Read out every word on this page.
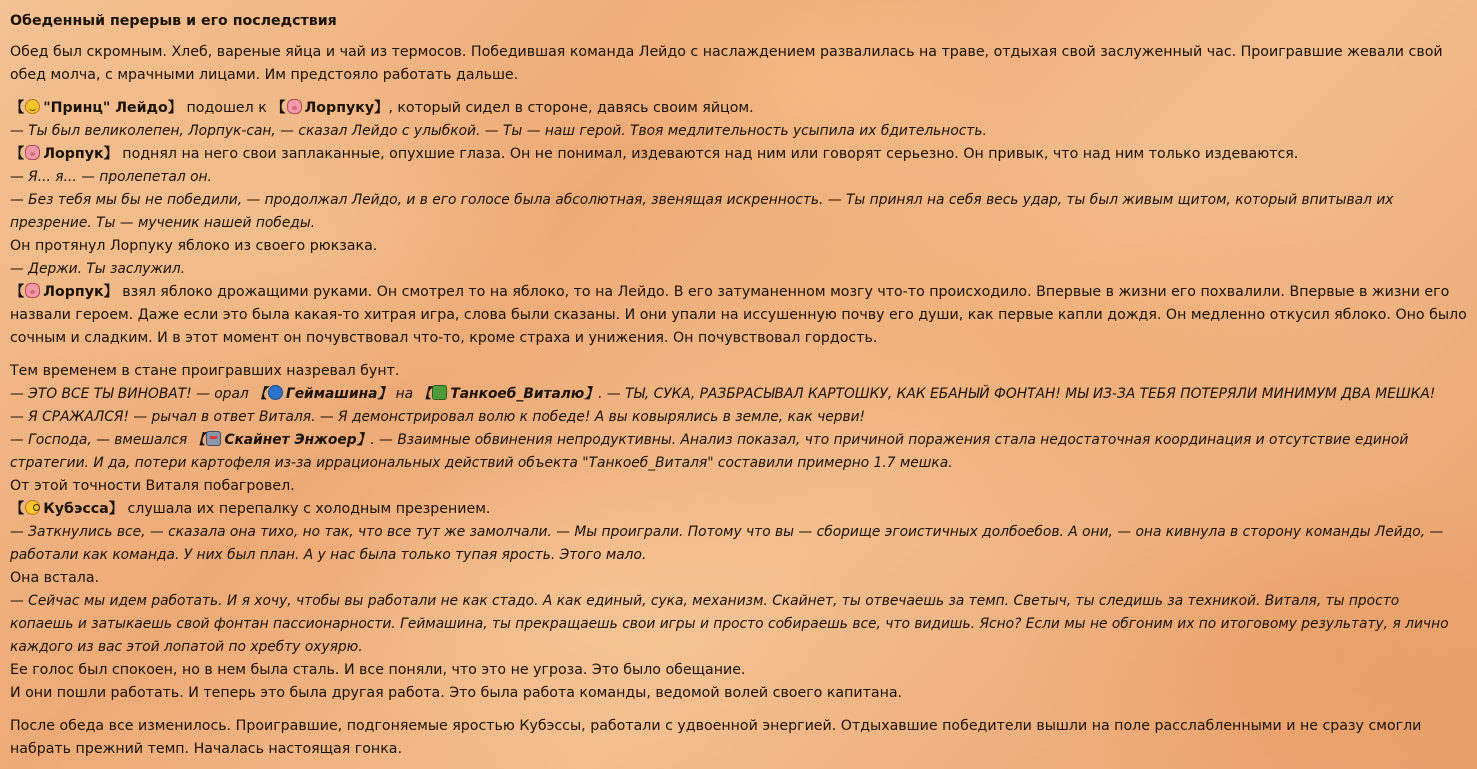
Обеденный перерыв и его последствия

Обед был скромным. Хлеб, вареные яйца и чай из термосов. Победившая команда Лейдо с наслаждением развалилась на траве, отдыхая свой заслуженный час. Проигравшие жевали свой обед молча, с мрачными лицами. Им предстояло работать дальше.

【 "Принц" Лейдо】 подошел к 【 Лорпуку】, который сидел в стороне, давясь своим яйцом.

— Ты был великолепен, Лорпук-сан, — сказал Лейдо с улыбкой. — Ты — наш герой. Твоя медлительность усыпила их бдительность.

【 Лорпук】 поднял на него свои заплаканные, опухшие глаза. Он не понимал, издеваются над ним или говорят серьезно. Он привык, что над ним только издеваются.

— Я... я... — пролепетал он.

— Без тебя мы бы не победили, — продолжал Лейдо, и в его голосе была абсолютная, звенящая искренность. — Ты принял на себя весь удар, ты был живым щитом, который впитывал их презрение. Ты — мученик нашей победы.

Он протянул Лорпуку яблоко из своего рюкзака.

— Держи. Ты заслужил.

【 Лорпук】 взял яблоко дрожащими руками. Он смотрел то на яблоко, то на Лейдо. В его затуманенном мозгу что-то происходило. Впервые в жизни его похвалили. Впервые в жизни его назвали героем. Даже если это была какая-то хитрая игра, слова были сказаны. И они упали на иссушенную почву его души, как первые капли дождя. Он медленно откусил яблоко. Оно было сочным и сладким. И в этот момент он почувствовал что-то, кроме страха и унижения. Он почувствовал гордость.

Тем временем в стане проигравших назревал бунт.

— ЭТО ВСЕ ТЫ ВИНОВАТ! — орал 【 Геймашина】 на 【 Танкоеб_Виталю】. — ТЫ, СУКА, РАЗБРАСЫВАЛ КАРТОШКУ, КАК ЕБАНЫЙ ФОНТАН! МЫ ИЗ-ЗА ТЕБЯ ПОТЕРЯЛИ МИНИМУМ ДВА МЕШКА!

— Я СРАЖАЛСЯ! — рычал в ответ Виталя. — Я демонстрировал волю к победе! А вы ковырялись в земле, как черви!

— Господа, — вмешался 【 Скайнет Энжоер】. — Взаимные обвинения непродуктивны. Анализ показал, что причиной поражения стала недостаточная координация и отсутствие единой стратегии. И да, потери картофеля из-за иррациональных действий объекта "Танкоеб_Виталя" составили примерно 1.7 мешка.

От этой точности Виталя побагровел.

【 Кубэсса】 слушала их перепалку с холодным презрением.

— Заткнулись все, — сказала она тихо, но так, что все тут же замолчали. — Мы проиграли. Потому что вы — сборище эгоистичных долбоебов. А они, — она кивнула в сторону команды Лейдо, — работали как команда. У них был план. А у нас была только тупая ярость. Этого мало.

Она встала.

— Сейчас мы идем работать. И я хочу, чтобы вы работали не как стадо. А как единый, сука, механизм. Скайнет, ты отвечаешь за темп. Светыч, ты следишь за техникой. Виталя, ты просто копаешь и затыкаешь свой фонтан пассионарности. Геймашина, ты прекращаешь свои игры и просто собираешь все, что видишь. Ясно? Если мы не обгоним их по итоговому результату, я лично каждого из вас этой лопатой по хребту охуярю.

Ее голос был спокоен, но в нем была сталь. И все поняли, что это не угроза. Это было обещание.

И они пошли работать. И теперь это была другая работа. Это была работа команды, ведомой волей своего капитана.

После обеда все изменилось. Проигравшие, подгоняемые яростью Кубэссы, работали с удвоенной энергией. Отдыхавшие победители вышли на поле расслабленными и не сразу смогли набрать прежний темп. Началась настоящая гонка.
